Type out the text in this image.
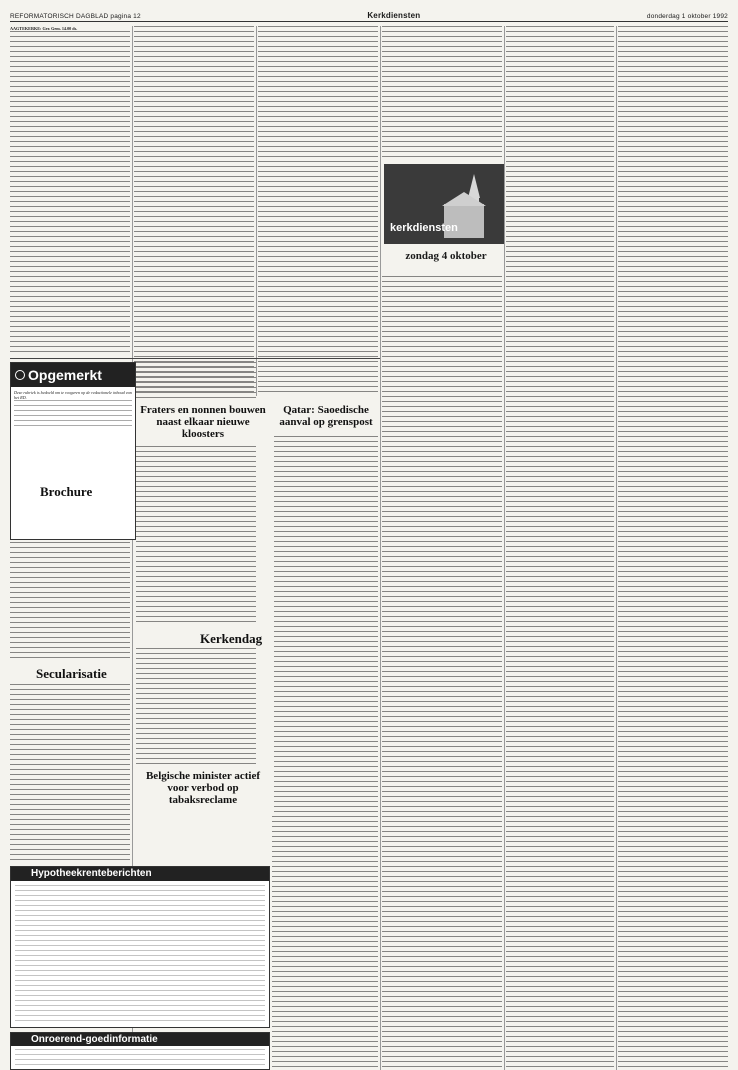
REFORMATORISCH DAGBLAD pagina 12	Kerkdiensten	donderdag 1 oktober 1992
AAGTEKERKE: Ger. Gem. 14.00 ds.
Opgemerkt
Deze rubriek is bedoeld om te reageren op de redactionele inhoud van het RD.
Brochure
Secularisatie
Fraters en nonnen bouwen naast elkaar nieuwe kloosters
Kerkendag
Belgische minister actief voor verbod op tabaksreclame
Qatar: Saoedische aanval op grenspost
kerkdiensten
zondag 4 oktober
Hypotheekrenteberichten
Onroerend-goedinformatie
